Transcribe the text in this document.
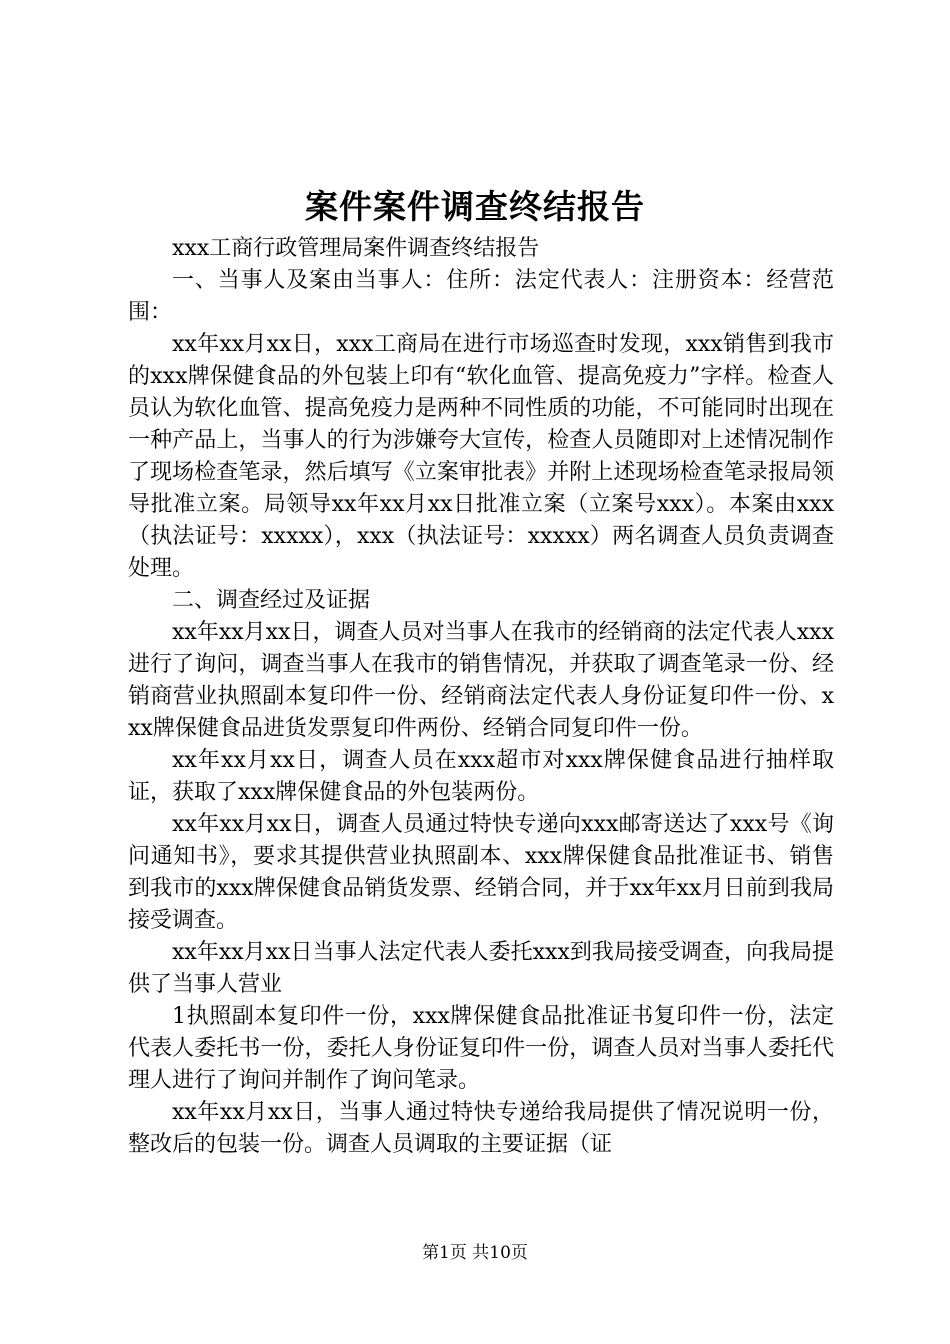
案件案件调查终结报告

xxx工商行政管理局案件调查终结报告

一、当事人及案由当事人：住所：法定代表人：注册资本：经营范围：

xx年xx月xx日，xxx工商局在进行市场巡查时发现，xxx销售到我市的xxx牌保健食品的外包装上印有“软化血管、提高免疫力”字样。检查人员认为软化血管、提高免疫力是两种不同性质的功能，不可能同时出现在一种产品上，当事人的行为涉嫌夸大宣传，检查人员随即对上述情况制作了现场检查笔录，然后填写《立案审批表》并附上述现场检查笔录报局领导批准立案。局领导xx年xx月xx日批准立案（立案号xxx）。本案由xxx（执法证号：xxxxx），xxx（执法证号：xxxxx）两名调查人员负责调查处理。

二、调查经过及证据

xx年xx月xx日，调查人员对当事人在我市的经销商的法定代表人xxx进行了询问，调查当事人在我市的销售情况，并获取了调查笔录一份、经销商营业执照副本复印件一份、经销商法定代表人身份证复印件一份、xxx牌保健食品进货发票复印件两份、经销合同复印件一份。

xx年xx月xx日，调查人员在xxx超市对xxx牌保健食品进行抽样取证，获取了xxx牌保健食品的外包装两份。

xx年xx月xx日，调查人员通过特快专递向xxx邮寄送达了xxx号《询问通知书》，要求其提供营业执照副本、xxx牌保健食品批准证书、销售到我市的xxx牌保健食品销货发票、经销合同，并于xx年xx月日前到我局接受调查。

xx年xx月xx日当事人法定代表人委托xxx到我局接受调查，向我局提供了当事人营业

1执照副本复印件一份，xxx牌保健食品批准证书复印件一份，法定代表人委托书一份，委托人身份证复印件一份，调查人员对当事人委托代理人进行了询问并制作了询问笔录。

xx年xx月xx日，当事人通过特快专递给我局提供了情况说明一份，整改后的包装一份。调查人员调取的主要证据（证

第1页 共10页
